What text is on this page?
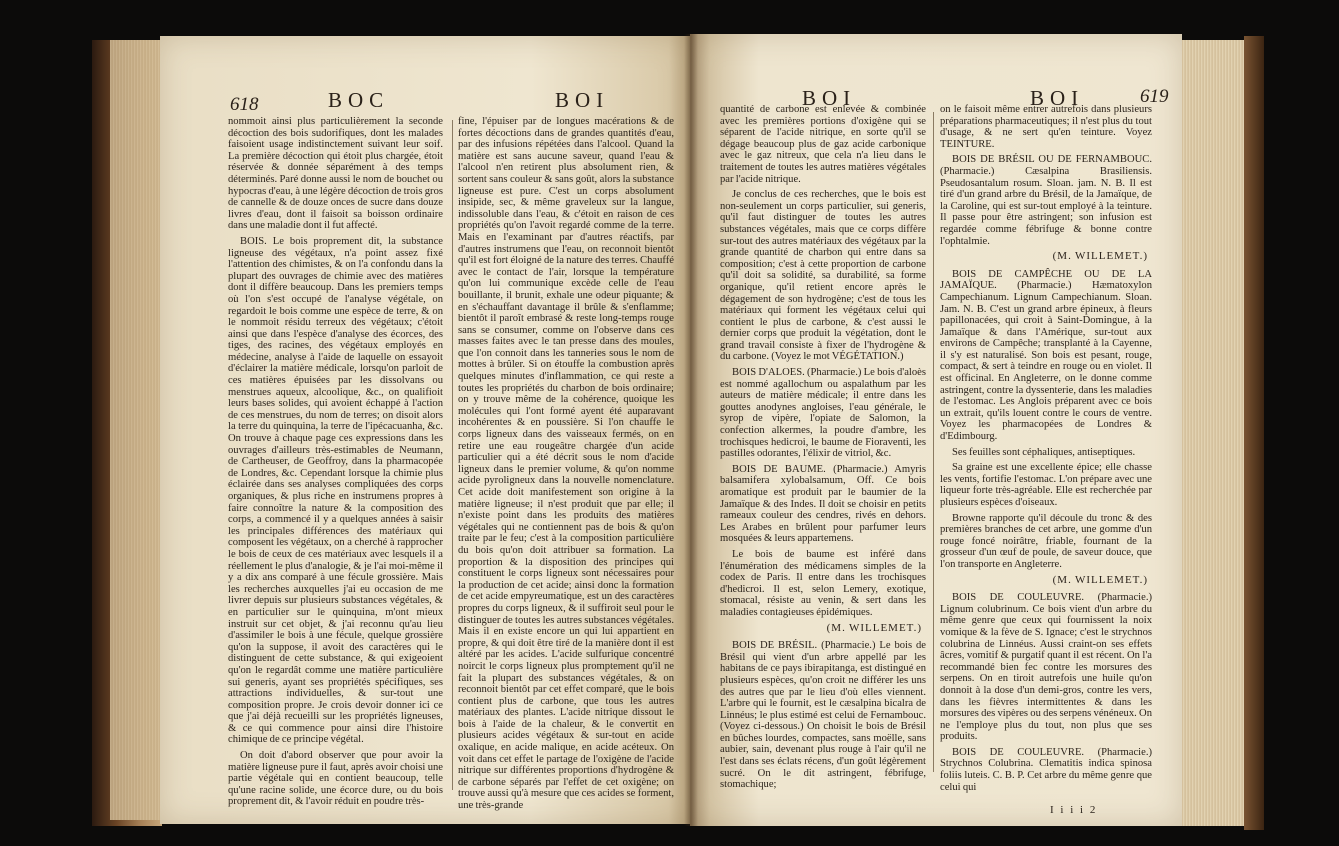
618	BOC	BOI

nommoit ainsi plus particulièrement la seconde décoction des bois sudorifiques, dont les malades faisoient usage indistinctement suivant leur soif. La première décoction qui étoit plus chargée, étoit réservée & donnée séparément à des temps déterminés. Paré donne aussi le nom de bouchet ou hypocras d'eau, à une légère décoction de trois gros de cannelle & de douze onces de sucre dans douze livres d'eau, dont il faisoit sa boisson ordinaire dans une maladie dont il fut affecté.

BOIS. Le bois proprement dit, la substance ligneuse des végétaux, n'a point assez fixé l'attention des chimistes, & on l'a confondu dans la plupart des ouvrages de chimie avec des matières dont il diffère beaucoup. Dans les premiers temps où l'on s'est occupé de l'analyse végétale, on regardoit le bois comme une espèce de terre, & on le nommoit résidu terreux des végétaux; c'étoit ainsi que dans l'espèce d'analyse des écorces, des tiges, des racines, des végétaux employés en médecine, analyse à l'aide de laquelle on essayoit d'éclairer la matière médicale, lorsqu'on parloit de ces matières épuisées par les dissolvans ou menstrues aqueux, alcoolique, &c., on qualifioit leurs bases solides, qui avoient échappé à l'action de ces menstrues, du nom de terres; on disoit alors la terre du quinquina, la terre de l'ipécacuanha, &c. On trouve à chaque page ces expressions dans les ouvrages d'ailleurs très-estimables de Neumann, de Cartheuser, de Geoffroy, dans la pharmacopée de Londres, &c. Cependant lorsque la chimie plus éclairée dans ses analyses compliquées des corps organiques, & plus riche en instrumens propres à faire connoître la nature & la composition des corps, a commencé il y a quelques années à saisir les principales différences des matériaux qui composent les végétaux, on a cherché à rapprocher le bois de ceux de ces matériaux avec lesquels il a réellement le plus d'analogie, & je l'ai moi-même il y a dix ans comparé à une fécule grossière. Mais les recherches auxquelles j'ai eu occasion de me livrer depuis sur plusieurs substances végétales, & en particulier sur le quinquina, m'ont mieux instruit sur cet objet, & j'ai reconnu qu'au lieu d'assimiler le bois à une fécule, quelque grossière qu'on la suppose, il avoit des caractères qui le distinguent de cette substance, & qui exigeoient qu'on le regardât comme une matière particulière sui generis, ayant ses propriétés spécifiques, ses attractions individuelles, & sur-tout une composition propre. Je crois devoir donner ici ce que j'ai déjà recueilli sur les propriétés ligneuses, & ce qui commence pour ainsi dire l'histoire chimique de ce principe végétal.

On doit d'abord observer que pour avoir la matière ligneuse pure il faut, après avoir choisi une partie végétale qui en contient beaucoup, telle qu'une racine solide, une écorce dure, ou du bois proprement dit, & l'avoir réduit en poudre très-

fine, l'épuiser par de longues macérations & de fortes décoctions dans de grandes quantités d'eau, par des infusions répétées dans l'alcool. Quand la matière est sans aucune saveur, quand l'eau & l'alcool n'en retirent plus absolument rien, & sortent sans couleur & sans goût, alors la substance ligneuse est pure. C'est un corps absolument insipide, sec, & même graveleux sur la langue, indissoluble dans l'eau, & c'étoit en raison de ces propriétés qu'on l'avoit regardé comme de la terre. Mais en l'examinant par d'autres réactifs, par d'autres instrumens que l'eau, on reconnoit bientôt qu'il est fort éloigné de la nature des terres. Chauffé avec le contact de l'air, lorsque la température qu'on lui communique excède celle de l'eau bouillante, il brunit, exhale une odeur piquante; & en s'échauffant davantage il brûle & s'enflamme; bientôt il paroît embrasé & reste long-temps rouge sans se consumer, comme on l'observe dans ces masses faites avec le tan presse dans des moules, que l'on connoit dans les tanneries sous le nom de mottes à brûler. Si on étouffe la combustion après quelques minutes d'inflammation, ce qui reste a toutes les propriétés du charbon de bois ordinaire; on y trouve même de la cohérence, quoique les molécules qui l'ont formé ayent été auparavant incohérentes & en poussière. Si l'on chauffe le corps ligneux dans des vaisseaux fermés, on en retire une eau rougeâtre chargée d'un acide particulier qui a été décrit sous le nom d'acide ligneux dans le premier volume, & qu'on nomme acide pyroligneux dans la nouvelle nomenclature. Cet acide doit manifestement son origine à la matière ligneuse; il n'est produit que par elle; il n'existe point dans les produits des matières végétales qui ne contiennent pas de bois & qu'on traite par le feu; c'est à la composition particulière du bois qu'on doit attribuer sa formation. La proportion & la disposition des principes qui constituent le corps ligneux sont nécessaires pour la production de cet acide; ainsi donc la formation de cet acide empyreumatique, est un des caractères propres du corps ligneux, & il suffiroit seul pour le distinguer de toutes les autres substances végétales. Mais il en existe encore un qui lui appartient en propre, & qui doit être tiré de la manière dont il est altéré par les acides. L'acide sulfurique concentré noircit le corps ligneux plus promptement qu'il ne fait la plupart des substances végétales, & on reconnoit bientôt par cet effet comparé, que le bois contient plus de carbone, que tous les autres matériaux des plantes. L'acide nitrique dissout le bois à l'aide de la chaleur, & le convertit en plusieurs acides végétaux & sur-tout en acide oxalique, en acide malique, en acide acéteux. On voit dans cet effet le partage de l'oxigène de l'acide nitrique sur différentes proportions d'hydrogène & de carbone séparés par l'effet de cet oxigène; on trouve aussi qu'à mesure que ces acides se forment, une très-grande

BOI	BOI	619

quantité de carbone est enlevée & combinée avec les premières portions d'oxigène qui se séparent de l'acide nitrique, en sorte qu'il se dégage beaucoup plus de gaz acide carbonique avec le gaz nitreux, que cela n'a lieu dans le traitement de toutes les autres matières végétales par l'acide nitrique.

Je conclus de ces recherches, que le bois est non-seulement un corps particulier, sui generis, qu'il faut distinguer de toutes les autres substances végétales, mais que ce corps diffère sur-tout des autres matériaux des végétaux par la grande quantité de charbon qui entre dans sa composition; c'est à cette proportion de carbone qu'il doit sa solidité, sa durabilité, sa forme organique, qu'il retient encore après le dégagement de son hydrogène; c'est de tous les matériaux qui forment les végétaux celui qui contient le plus de carbone, & c'est aussi le dernier corps que produit la végétation, dont le grand travail consiste à fixer de l'hydrogène & du carbone. (Voyez le mot VÉGÉTATION.)

BOIS D'ALOES. (Pharmacie.) Le bois d'aloès est nommé agallochum ou aspalathum par les auteurs de matière médicale; il entre dans les gouttes anodynes angloises, l'eau générale, le syrop de vipère, l'opiate de Salomon, la confection alkermes, la poudre d'ambre, les trochisques hedicroi, le baume de Fioraventi, les pastilles odorantes, l'élixir de vitriol, &c.

BOIS DE BAUME. (Pharmacie.) Amyris balsamifera xylobalsamum, Off. Ce bois aromatique est produit par le baumier de la Jamaïque & des Indes. Il doit se choisir en petits rameaux couleur des cendres, rivés en dehors. Les Arabes en brûlent pour parfumer leurs mosquées & leurs appartemens.

Le bois de baume est inféré dans l'énumération des médicamens simples de la codex de Paris. Il entre dans les trochisques d'hedicroi. Il est, selon Lemery, exotique, stomacal, résiste au venin, & sert dans les maladies contagieuses épidémiques.

(M. WILLEMET.)

BOIS DE BRÉSIL. (Pharmacie.) Le bois de Brésil qui vient d'un arbre appellé par les habitans de ce pays ibirapitanga, est distingué en plusieurs espèces, qu'on croit ne différer les uns des autres que par le lieu d'où elles viennent. L'arbre qui le fournit, est le cæsalpina bicalra de Linnéus; le plus estimé est celui de Fernambouc. (Voyez ci-dessous.) On choisit le bois de Brésil en bûches lourdes, compactes, sans moëlle, sans aubier, sain, devenant plus rouge à l'air qu'il ne l'est dans ses éclats récens, d'un goût légèrement sucré. On le dit astringent, fébrifuge, stomachique;

on le faisoit même entrer autrefois dans plusieurs préparations pharmaceutiques; il n'est plus du tout d'usage, & ne sert qu'en teinture. Voyez TEINTURE.

BOIS DE BRÉSIL OU DE FERNAMBOUC. (Pharmacie.) Cæsalpina Brasiliensis. Pseudosantalum rosum. Sloan. jam. N. B. Il est tiré d'un grand arbre du Brésil, de la Jamaïque, de la Caroline, qui est sur-tout employé à la teinture. Il passe pour être astringent; son infusion est regardée comme fébrifuge & bonne contre l'ophtalmie.

(M. WILLEMET.)

BOIS DE CAMPÊCHE OU DE LA JAMAÏQUE. (Pharmacie.) Hæmatoxylon Campechianum. Lignum Campechianum. Sloan. Jam. N. B. C'est un grand arbre épineux, à fleurs papillonacées, qui croit à Saint-Domingue, à la Jamaïque & dans l'Amérique, sur-tout aux environs de Campêche; transplanté à la Cayenne, il s'y est naturalisé. Son bois est pesant, rouge, compact, & sert à teindre en rouge ou en violet. Il est officinal. En Angleterre, on le donne comme astringent, contre la dyssenterie, dans les maladies de l'estomac. Les Anglois préparent avec ce bois un extrait, qu'ils louent contre le cours de ventre. Voyez les pharmacopées de Londres & d'Edimbourg.

Ses feuilles sont céphaliques, antiseptiques.

Sa graine est une excellente épice; elle chasse les vents, fortifie l'estomac. L'on prépare avec une liqueur forte très-agréable. Elle est recherchée par plusieurs espèces d'oiseaux.

Browne rapporte qu'il découle du tronc & des premières branches de cet arbre, une gomme d'un rouge foncé noirâtre, friable, fournant de la grosseur d'un œuf de poule, de saveur douce, que l'on transporte en Angleterre.

(M. WILLEMET.)

BOIS DE COULEUVRE. (Pharmacie.) Lignum colubrinum. Ce bois vient d'un arbre du même genre que ceux qui fournissent la noix vomique & la fève de S. Ignace; c'est le strychnos colubrina de Linnéus. Aussi craint-on ses effets âcres, vomitif & purgatif quant il est récent. On l'a recommandé bien fec contre les morsures des serpens. On en tiroit autrefois une huile qu'on donnoit à la dose d'un demi-gros, contre les vers, dans les fièvres intermittentes & dans les morsures des vipères ou des serpens vénéneux. On ne l'employe plus du tout, non plus que ses produits.

BOIS DE COULEUVRE. (Pharmacie.) Strychnos Colubrina. Clematitis indica spinosa foliis luteis. C. B. P. Cet arbre du même genre que celui qui

I i i i 2
